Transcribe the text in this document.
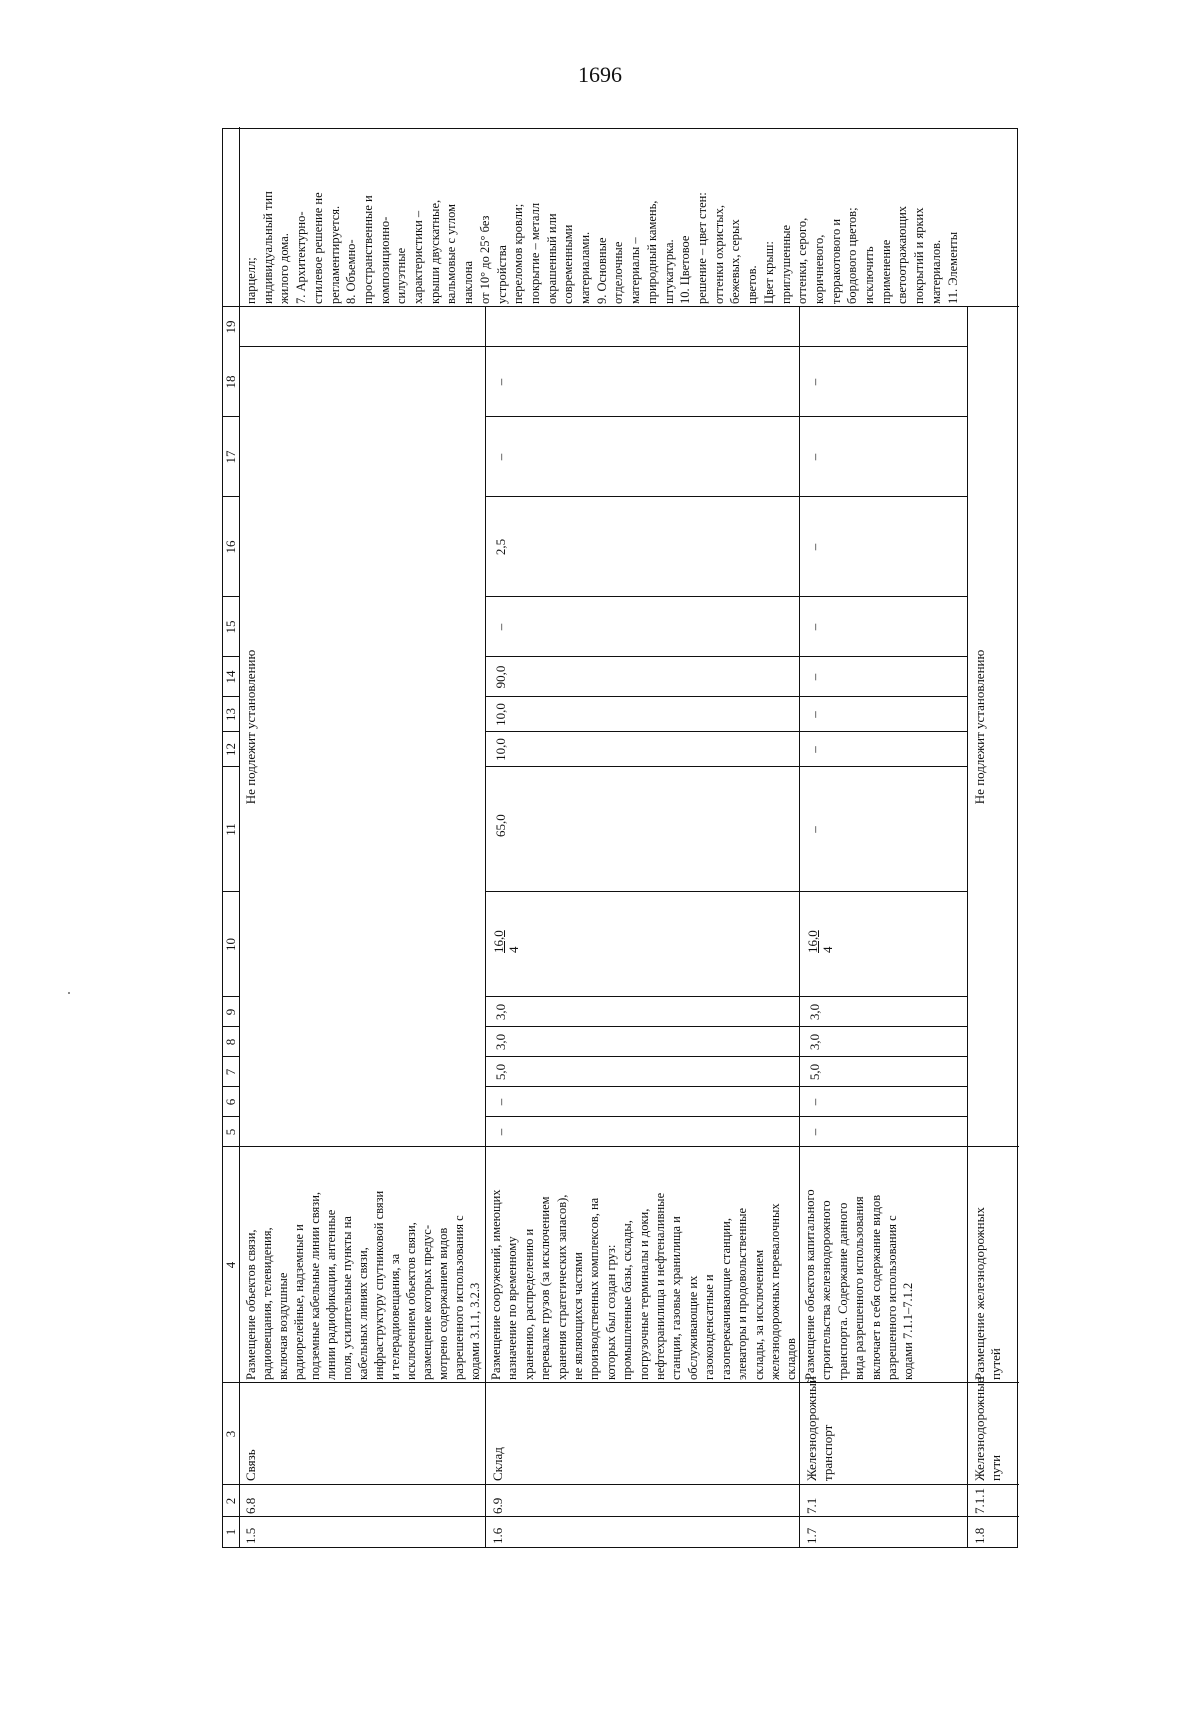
1696
1
2
3
4
5
6
7
8
9
10
11
12
13
14
15
16
17
18
19
1.5
6.8
Связь
Размещение объектов связи,
радиовещания, телевидения,
включая воздушные
радиорелейные, надземные и
подземные кабельные линии связи,
линии радиофикации, антенные
поля, усилительные пункты на
кабельных линиях связи,
инфраструктуру спутниковой связи
и телерадиовещания, за
исключением объектов связи,
размещение которых предус-
мотрено содержанием видов
разрешенного использования с
кодами 3.1.1, 3.2.3
Не подлежит установлению
1.6
6.9
Склад
Размещение сооружений, имеющих
назначение по временному
хранению, распределению и
перевалке грузов (за исключением
хранения стратегических запасов),
не являющихся частями
производственных комплексов, на
которых был создан груз:
промышленные базы, склады,
погрузочные терминалы и доки,
нефтехранилища и нефтеналивные
станции, газовые хранилища и
обслуживающие их
газоконденсатные и
газоперекачивающие станции,
элеваторы и продовольственные
склады, за исключением
железнодорожных перевалочных
складов
–
–
5,0
3,0
3,0
16,0 4
65,0
10,0
10,0
90,0
–
2,5
–
–
1.7
7.1
Железнодорожный
транспорт
Размещение объектов капитального
строительства железнодорожного
транспорта. Содержание данного
вида разрешенного использования
включает в себя содержание видов
разрешенного использования с
кодами 7.1.1–7.1.2
–
–
5,0
3,0
3,0
16,0 4
–
–
–
–
–
–
–
–
1.8
7.1.1
Железнодорожные
пути
Размещение железнодорожных
путей
Не подлежит установлению
парцелл;
индивидуальный тип
жилого дома.
7. Архитектурно-
стилевое решение не
регламентируется.
8. Объемно-
пространственные и
композиционно-
силуэтные
характеристики –
крыши двускатные,
вальмовые с углом
наклона
от 10° до 25° без
устройства
переломов кровли;
покрытие – металл
окрашенный или
современными
материалами.
9. Основные
отделочные
материалы –
природный камень,
штукатурка.
10. Цветовое
решение – цвет стен:
оттенки охристых,
бежевых, серых
цветов.
Цвет крыш:
приглушенные
оттенки, серого,
коричневого,
терракотового и
бордового цветов;
исключить
применение
светоотражающих
покрытий и ярких
материалов.
11. Элементы
